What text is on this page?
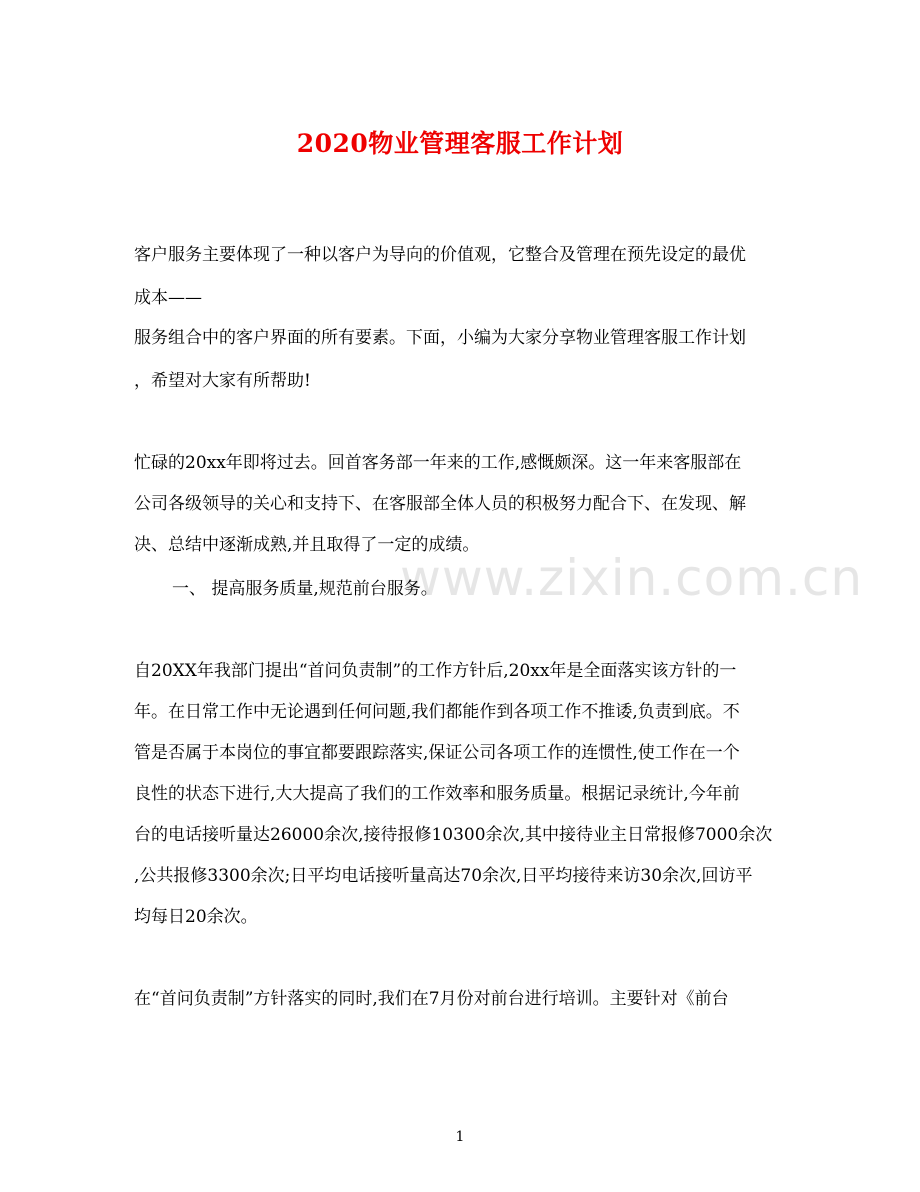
www.zixin.com.cn
2020物业管理客服工作计划
客户服务主要体现了一种以客户为导向的价值观，它整合及管理在预先设定的最优
成本——
服务组合中的客户界面的所有要素。下面，小编为大家分享物业管理客服工作计划
，希望对大家有所帮助!
忙碌的20xx年即将过去。回首客务部一年来的工作,感慨颇深。这一年来客服部在
公司各级领导的关心和支持下、在客服部全体人员的积极努力配合下、在发现、解
决、总结中逐渐成熟,并且取得了一定的成绩。
一、 提高服务质量,规范前台服务。
自20XX年我部门提出“首问负责制”的工作方针后,20xx年是全面落实该方针的一
年。在日常工作中无论遇到任何问题,我们都能作到各项工作不推诿,负责到底。不
管是否属于本岗位的事宜都要跟踪落实,保证公司各项工作的连惯性,使工作在一个
良性的状态下进行,大大提高了我们的工作效率和服务质量。根据记录统计,今年前
台的电话接听量达26000余次,接待报修10300余次,其中接待业主日常报修7000余次
,公共报修3300余次;日平均电话接听量高达70余次,日平均接待来访30余次,回访平
均每日20余次。
在“首问负责制”方针落实的同时,我们在7月份对前台进行培训。主要针对《前台
1
